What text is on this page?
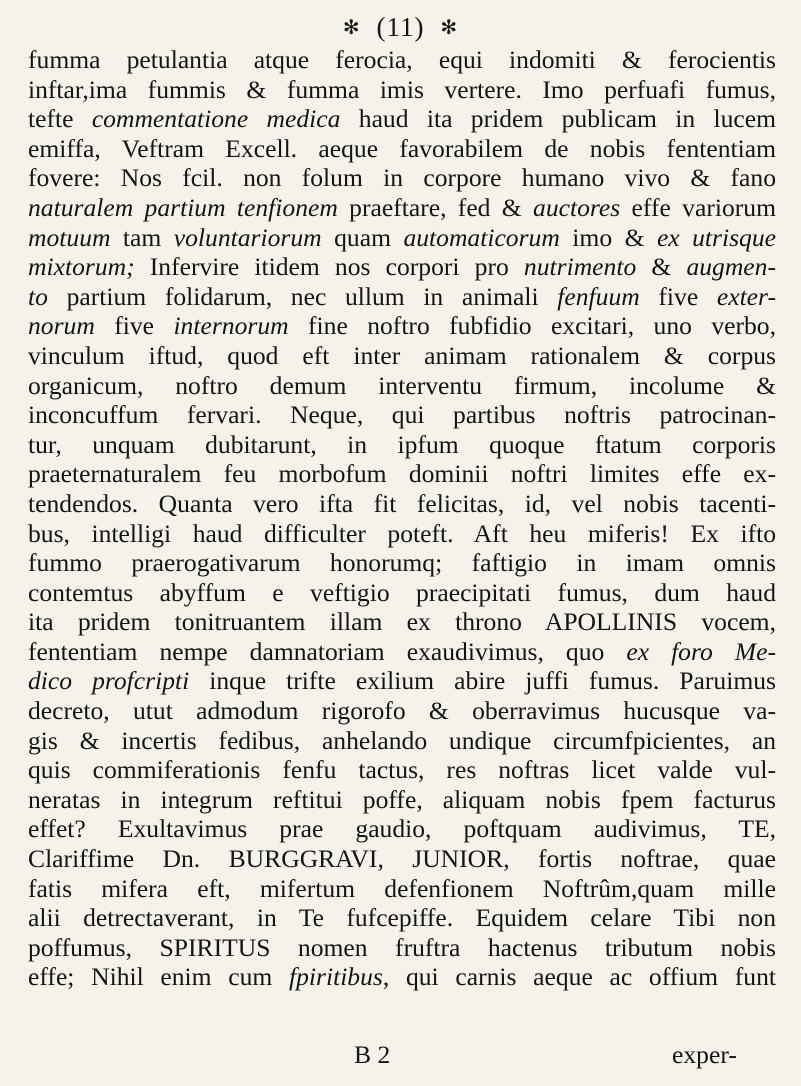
✻ (11) ✻
fumma petulantia atque ferocia, equi indomiti & ferocientis
inftar,ima fummis & fumma imis vertere. Imo perfuafi fumus,
tefte commentatione medica haud ita pridem publicam in lucem
emiffa, Veftram Excell. aeque favorabilem de nobis fententiam
fovere: Nos fcil. non folum in corpore humano vivo & fano
naturalem partium tenfionem praeftare, fed & auctores effe variorum
motuum tam voluntariorum quam automaticorum imo & ex utrisque
mixtorum; Infervire itidem nos corpori pro nutrimento & augmen-
to partium folidarum, nec ullum in animali fenfuum five exter-
norum five internorum fine noftro fubfidio excitari, uno verbo,
vinculum iftud, quod eft inter animam rationalem & corpus
organicum, noftro demum interventu firmum, incolume &
inconcuffum fervari. Neque, qui partibus noftris patrocinan-
tur, unquam dubitarunt, in ipfum quoque ftatum corporis
praeternaturalem feu morbofum dominii noftri limites effe ex-
tendendos. Quanta vero ifta fit felicitas, id, vel nobis tacenti-
bus, intelligi haud difficulter poteft. Aft heu miferis! Ex ifto
fummo praerogativarum honorumq; faftigio in imam omnis
contemtus abyffum e veftigio praecipitati fumus, dum haud
ita pridem tonitruantem illam ex throno APOLLINIS vocem,
fententiam nempe damnatoriam exaudivimus, quo ex foro Me-
dico profcripti inque trifte exilium abire juffi fumus. Paruimus
decreto, utut admodum rigorofo & oberravimus hucusque va-
gis & incertis fedibus, anhelando undique circumfpicientes, an
quis commiferationis fenfu tactus, res noftras licet valde vul-
neratas in integrum reftitui poffe, aliquam nobis fpem facturus
effet? Exultavimus prae gaudio, poftquam audivimus, TE,
Clariffime Dn. BURGGRAVI, JUNIOR, fortis noftrae, quae
fatis mifera eft, mifertum defenfionem Noftrûm,quam mille
alii detrectaverant, in Te fufcepiffe. Equidem celare Tibi non
poffumus, SPIRITUS nomen fruftra hactenus tributum nobis
effe; Nihil enim cum fpiritibus, qui carnis aeque ac offium funt
B 2	exper-
